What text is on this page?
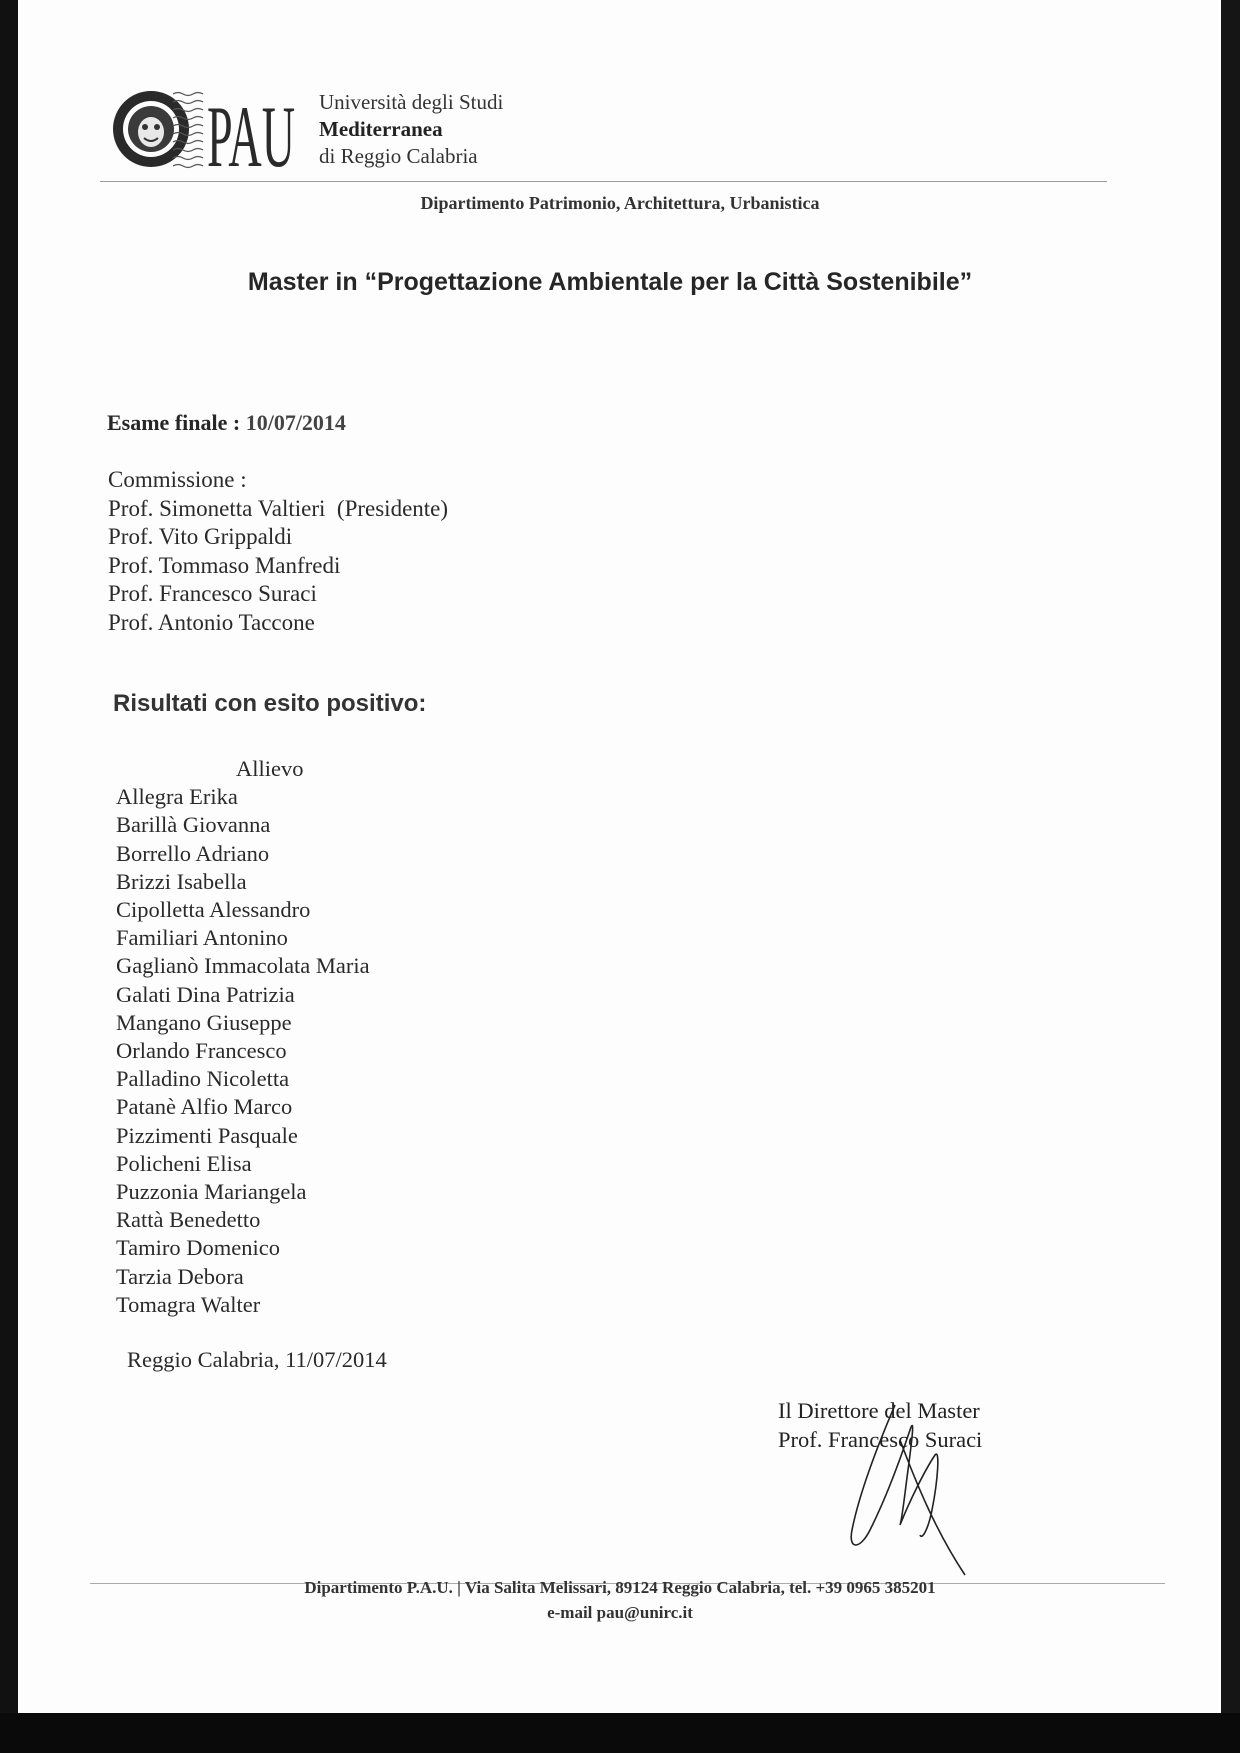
PAU Università degli Studi
Mediterranea
di Reggio Calabria
Dipartimento Patrimonio, Architettura, Urbanistica
Master in “Progettazione Ambientale per la Città Sostenibile”
Esame finale : 10/07/2014
Commissione :
Prof. Simonetta Valtieri  (Presidente)
Prof. Vito Grippaldi
Prof. Tommaso Manfredi
Prof. Francesco Suraci
Prof. Antonio Taccone
Risultati con esito positivo:
Allievo
Allegra Erika
Barillà Giovanna
Borrello Adriano
Brizzi Isabella
Cipolletta Alessandro
Familiari Antonino
Gaglianò Immacolata Maria
Galati Dina Patrizia
Mangano Giuseppe
Orlando Francesco
Palladino Nicoletta
Patanè Alfio Marco
Pizzimenti Pasquale
Policheni Elisa
Puzzonia Mariangela
Rattà Benedetto
Tamiro Domenico
Tarzia Debora
Tomagra Walter
Reggio Calabria, 11/07/2014
Il Direttore del Master
Prof. Francesco Suraci
Dipartimento P.A.U. | Via Salita Melissari, 89124 Reggio Calabria, tel. +39 0965 385201
e-mail pau@unirc.it
